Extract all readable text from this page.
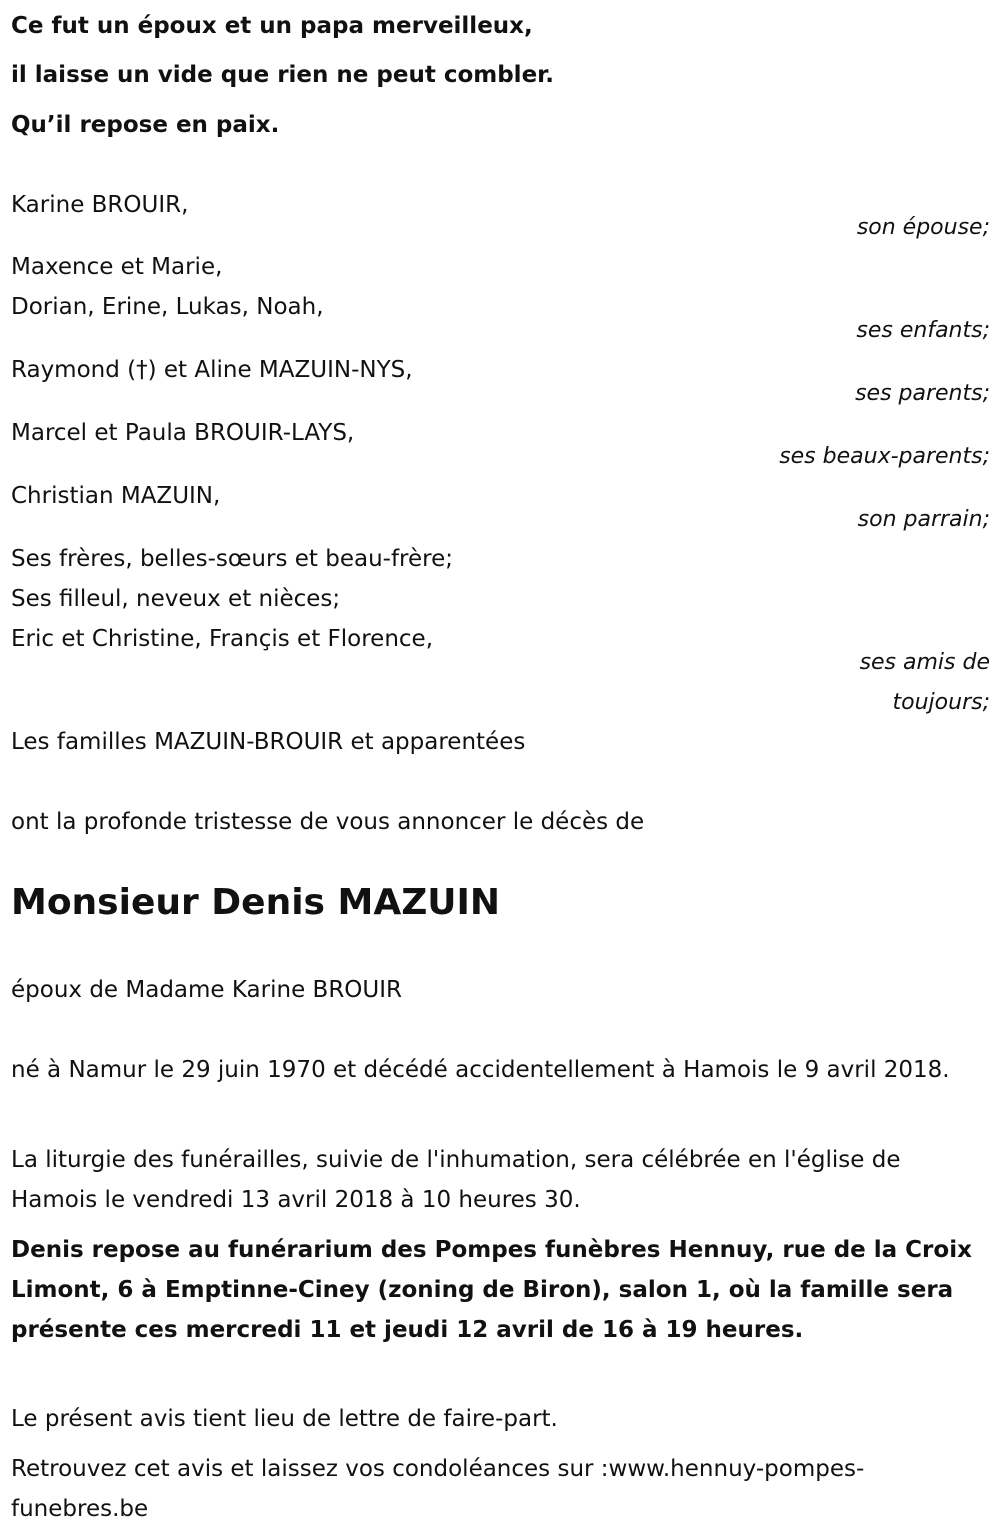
Ce fut un époux et un papa merveilleux,

il laisse un vide que rien ne peut combler.

Qu’il repose en paix.

Karine BROUIR,

son épouse;

Maxence et Marie,

Dorian, Erine, Lukas, Noah,

ses enfants;

Raymond (†) et Aline MAZUIN-NYS,

ses parents;

Marcel et Paula BROUIR-LAYS,

ses beaux-parents;

Christian MAZUIN,

son parrain;

Ses frères, belles-sœurs et beau-frère;

Ses filleul, neveux et nièces;

Eric et Christine, Françis et Florence,

ses amis de

toujours;

Les familles MAZUIN-BROUIR et apparentées

ont la profonde tristesse de vous annoncer le décès de

Monsieur Denis MAZUIN

époux de Madame Karine BROUIR

né à Namur le 29 juin 1970 et décédé accidentellement à Hamois le 9 avril 2018.

La liturgie des funérailles, suivie de l'inhumation, sera célébrée en l'église de Hamois le vendredi 13 avril 2018 à 10 heures 30.

Denis repose au funérarium des Pompes funèbres Hennuy, rue de la Croix Limont, 6 à Emptinne-Ciney (zoning de Biron), salon 1, où la famille sera présente ces mercredi 11 et jeudi 12 avril de 16 à 19 heures.

Le présent avis tient lieu de lettre de faire-part.

Retrouvez cet avis et laissez vos condoléances sur :www.hennuy-pompes-funebres.be
